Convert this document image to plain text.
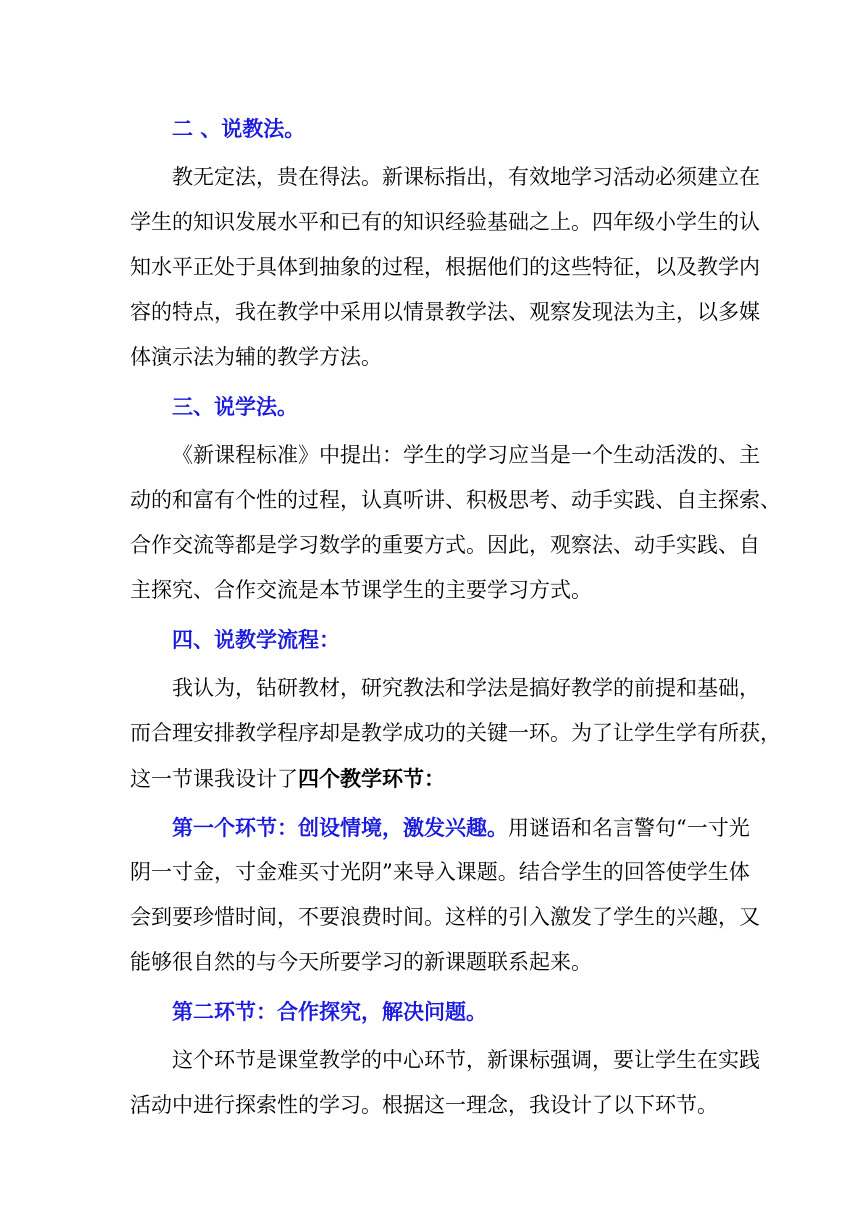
二 、说教法。
教无定法，贵在得法。新课标指出，有效地学习活动必须建立在
学生的知识发展水平和已有的知识经验基础之上。四年级小学生的认
知水平正处于具体到抽象的过程，根据他们的这些特征，以及教学内
容的特点，我在教学中采用以情景教学法、观察发现法为主，以多媒
体演示法为辅的教学方法。
三、说学法。
《新课程标准》中提出：学生的学习应当是一个生动活泼的、主
动的和富有个性的过程，认真听讲、积极思考、动手实践、自主探索、
合作交流等都是学习数学的重要方式。因此，观察法、动手实践、自
主探究、合作交流是本节课学生的主要学习方式。
四、说教学流程：
我认为，钻研教材，研究教法和学法是搞好教学的前提和基础，
而合理安排教学程序却是教学成功的关键一环。为了让学生学有所获，
这一节课我设计了四个教学环节：
第一个环节：创设情境，激发兴趣。用谜语和名言警句“一寸光
阴一寸金，寸金难买寸光阴”来导入课题。结合学生的回答使学生体
会到要珍惜时间，不要浪费时间。这样的引入激发了学生的兴趣，又
能够很自然的与今天所要学习的新课题联系起来。
第二环节：合作探究，解决问题。
这个环节是课堂教学的中心环节，新课标强调，要让学生在实践
活动中进行探索性的学习。根据这一理念，我设计了以下环节。
